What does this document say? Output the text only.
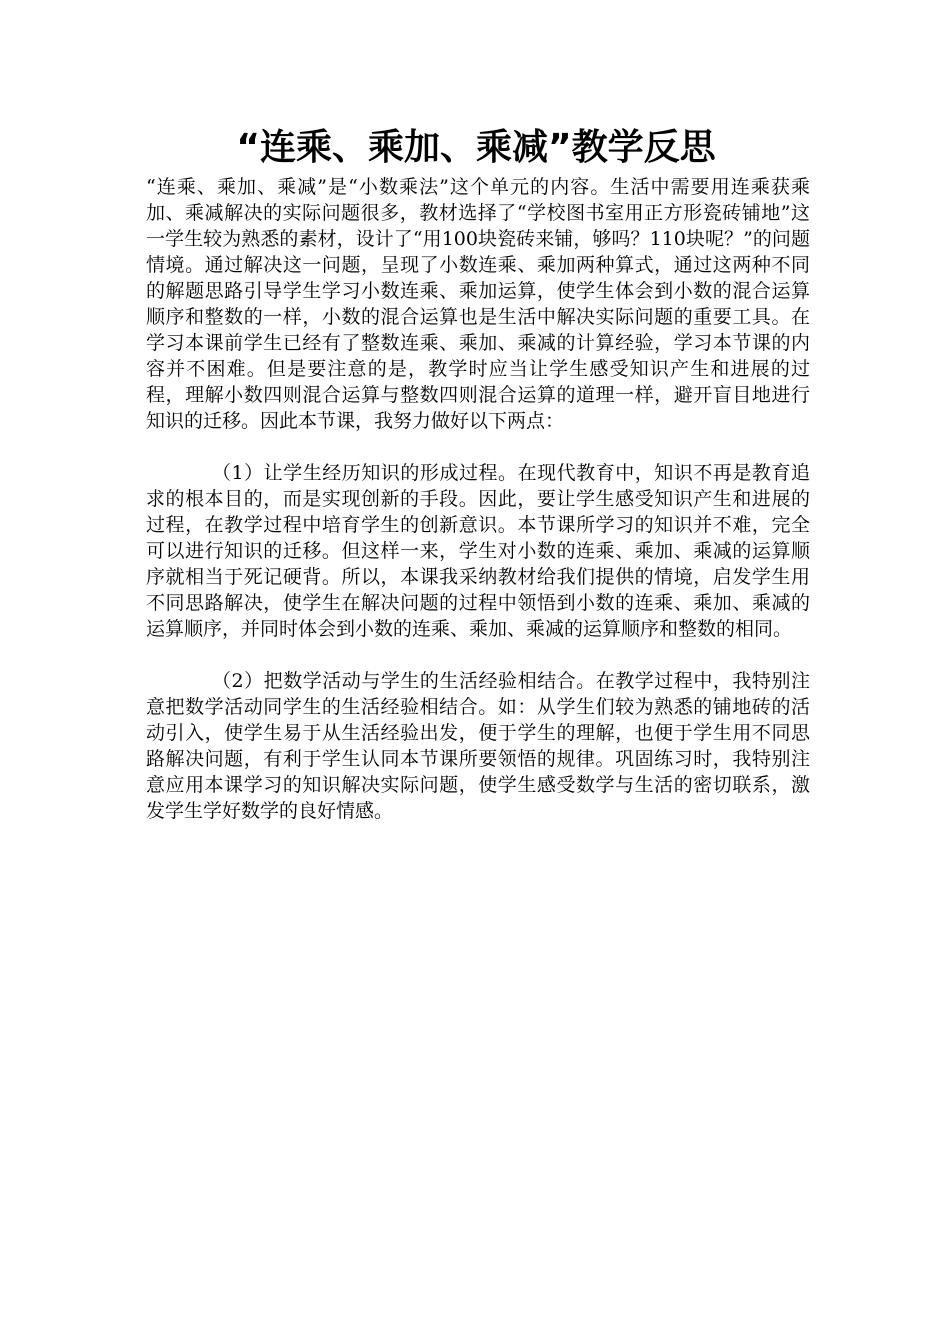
“连乘、乘加、乘减”教学反思

“连乘、乘加、乘减”是“小数乘法”这个单元的内容。生活中需要用连乘获乘加、乘减解决的实际问题很多，教材选择了“学校图书室用正方形瓷砖铺地”这一学生较为熟悉的素材，设计了“用100块瓷砖来铺，够吗？110块呢？”的问题情境。通过解决这一问题，呈现了小数连乘、乘加两种算式，通过这两种不同的解题思路引导学生学习小数连乘、乘加运算，使学生体会到小数的混合运算顺序和整数的一样，小数的混合运算也是生活中解决实际问题的重要工具。在学习本课前学生已经有了整数连乘、乘加、乘减的计算经验，学习本节课的内容并不困难。但是要注意的是，教学时应当让学生感受知识产生和进展的过程，理解小数四则混合运算与整数四则混合运算的道理一样，避开盲目地进行知识的迁移。因此本节课，我努力做好以下两点：

（1）让学生经历知识的形成过程。在现代教育中，知识不再是教育追求的根本目的，而是实现创新的手段。因此，要让学生感受知识产生和进展的过程，在教学过程中培育学生的创新意识。本节课所学习的知识并不难，完全可以进行知识的迁移。但这样一来，学生对小数的连乘、乘加、乘减的运算顺序就相当于死记硬背。所以，本课我采纳教材给我们提供的情境，启发学生用不同思路解决，使学生在解决问题的过程中领悟到小数的连乘、乘加、乘减的运算顺序，并同时体会到小数的连乘、乘加、乘减的运算顺序和整数的相同。

（2）把数学活动与学生的生活经验相结合。在教学过程中，我特别注意把数学活动同学生的生活经验相结合。如：从学生们较为熟悉的铺地砖的活动引入，使学生易于从生活经验出发，便于学生的理解，也便于学生用不同思路解决问题，有利于学生认同本节课所要领悟的规律。巩固练习时，我特别注意应用本课学习的知识解决实际问题，使学生感受数学与生活的密切联系，激发学生学好数学的良好情感。
